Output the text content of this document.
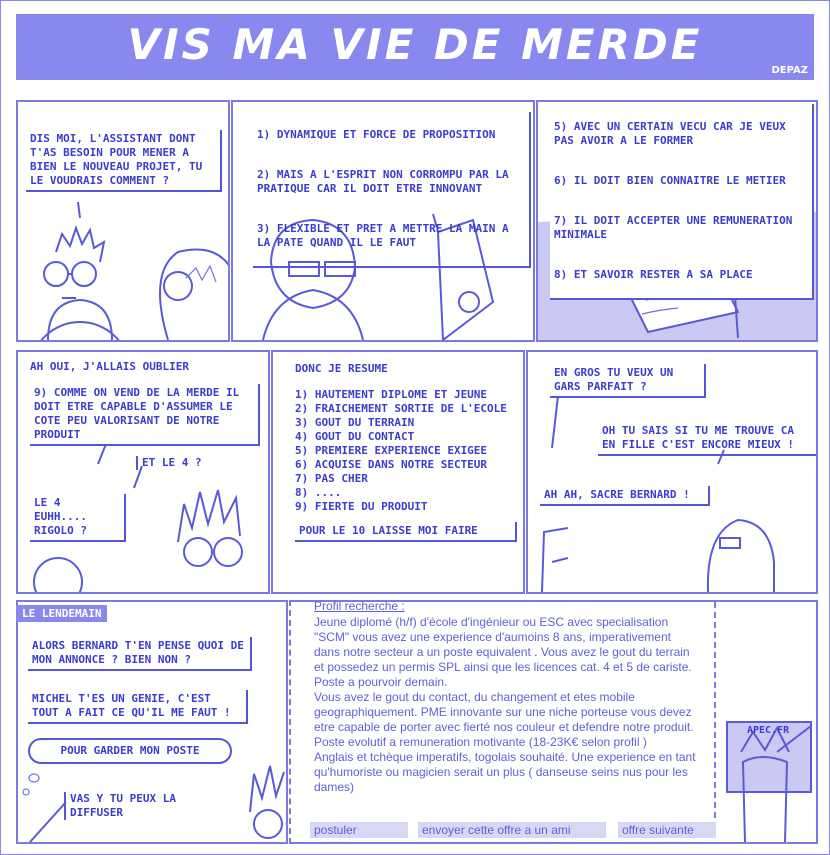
VIS MA VIE DE MERDE
DEPAZ
DIS MOI, L'ASSISTANT DONT T'AS BESOIN POUR MENER A BIEN LE NOUVEAU PROJET, TU LE VOUDRAIS COMMENT ?

1) DYNAMIQUE ET FORCE DE PROPOSITION

2) MAIS A L'ESPRIT NON CORROMPU PAR LA PRATIQUE CAR IL DOIT ETRE INNOVANT

3) FLEXIBLE ET PRET A METTRE LA MAIN A LA PATE QUAND IL LE FAUT

5) AVEC UN CERTAIN VECU CAR JE VEUX PAS AVOIR A LE FORMER

6) IL DOIT BIEN CONNAITRE LE METIER

7) IL DOIT ACCEPTER UNE REMUNERATION MINIMALE

8) ET SAVOIR RESTER A SA PLACE

AH OUI, J'ALLAIS OUBLIER
9) COMME ON VEND DE LA MERDE IL DOIT ETRE CAPABLE D'ASSUMER LE COTE PEU VALORISANT DE NOTRE PRODUIT
ET LE 4 ?
LE 4 EUHH.... RIGOLO ?
DONC JE RESUME
1) HAUTEMENT DIPLOME ET JEUNE
2) FRAICHEMENT SORTIE DE L'ECOLE
3) GOUT DU TERRAIN
4) GOUT DU CONTACT
5) PREMIERE EXPERIENCE EXIGEE
6) ACQUISE DANS NOTRE SECTEUR
7) PAS CHER
8) ....
9) FIERTE DU PRODUIT
POUR LE 10 LAISSE MOI FAIRE
EN GROS TU VEUX UN GARS PARFAIT ?
OH TU SAIS SI TU ME TROUVE CA EN FILLE C'EST ENCORE MIEUX !
AH AH, SACRE BERNARD !
LE LENDEMAIN
ALORS BERNARD T'EN PENSE QUOI DE MON ANNONCE ? BIEN NON ?
MICHEL T'ES UN GENIE, C'EST TOUT A FAIT CE QU'IL ME FAUT !
POUR GARDER MON POSTE
VAS Y TU PEUX LA DIFFUSER
APEC.FR
Profil recherche :
Jeune diplomé (h/f) d'école d'ingénieur ou ESC avec specialisation "SCM" vous avez une experience d'aumoins 8 ans, imperativement dans notre secteur a un poste equivalent . Vous avez le gout du terrain et possedez un permis SPL ainsi que les licences cat. 4 et 5 de cariste. Poste a pourvoir demain.
Vous avez le gout du contact, du changement et etes mobile geographiquement. PME innovante sur une niche porteuse vous devez etre capable de porter avec fierté nos couleur et defendre notre produit.
Poste evolutif a remuneration motivante (18-23K€ selon profil )
Anglais et tchèque imperatifs, togolais souhaité. Une experience en tant qu'humoriste ou magicien serait un plus ( danseuse seins nus pour les dames)
postuler	envoyer cette offre a un ami	offre suivante
